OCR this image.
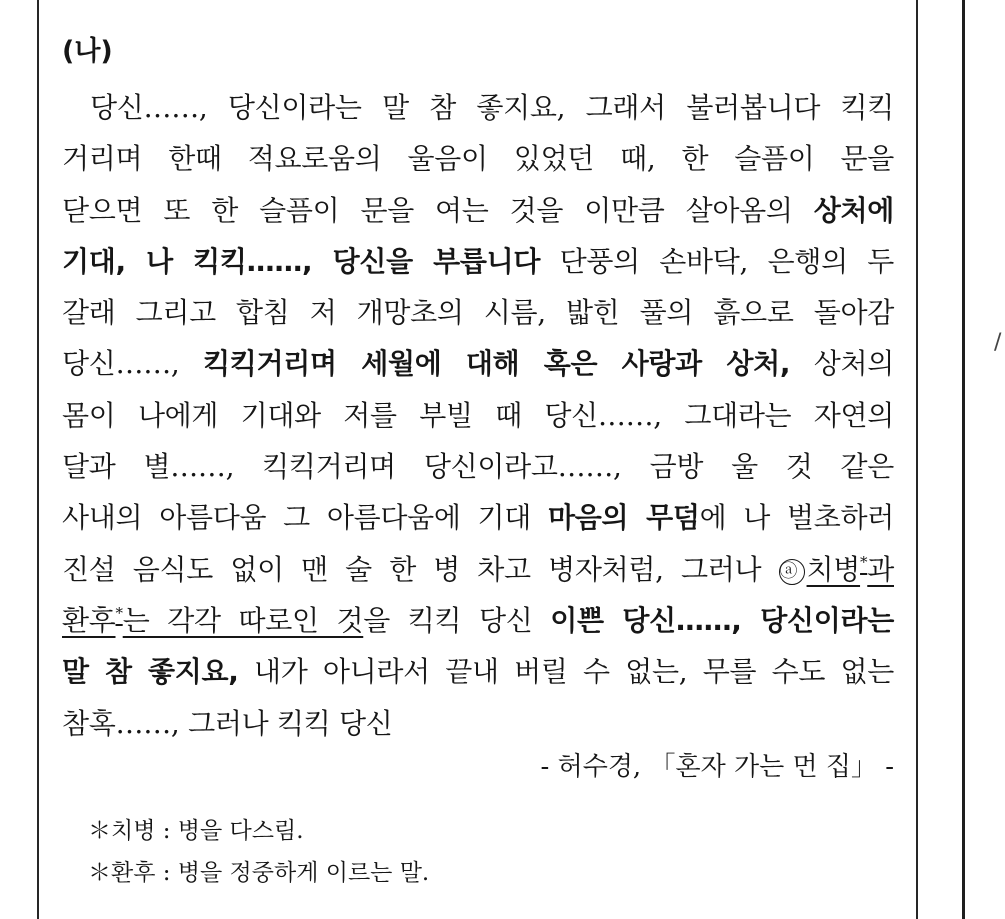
/
(나)
당신……, 당신이라는 말 참 좋지요, 그래서 불러봅니다 킥킥
거리며 한때 적요로움의 울음이 있었던 때, 한 슬픔이 문을
닫으면 또 한 슬픔이 문을 여는 것을 이만큼 살아옴의 상처에
기대, 나 킥킥……, 당신을 부릅니다 단풍의 손바닥, 은행의 두
갈래 그리고 합침 저 개망초의 시름, 밟힌 풀의 흙으로 돌아감
당신……, 킥킥거리며 세월에 대해 혹은 사랑과 상처, 상처의
몸이 나에게 기대와 저를 부빌 때 당신……, 그대라는 자연의
달과 별……, 킥킥거리며 당신이라고……, 금방 울 것 같은
사내의 아름다움 그 아름다움에 기대 마음의 무덤에 나 벌초하러
진설 음식도 없이 맨 술 한 병 차고 병자처럼, 그러나 ⓐ 치병*과
환후*는 각각 따로인 것을 킥킥 당신 이쁜 당신……, 당신이라는
말 참 좋지요, 내가 아니라서 끝내 버릴 수 없는, 무를 수도 없는
참혹……, 그러나 킥킥 당신
- 허수경, 「혼자 가는 먼 집」 -
＊치병 : 병을 다스림.
＊환후 : 병을 정중하게 이르는 말.
